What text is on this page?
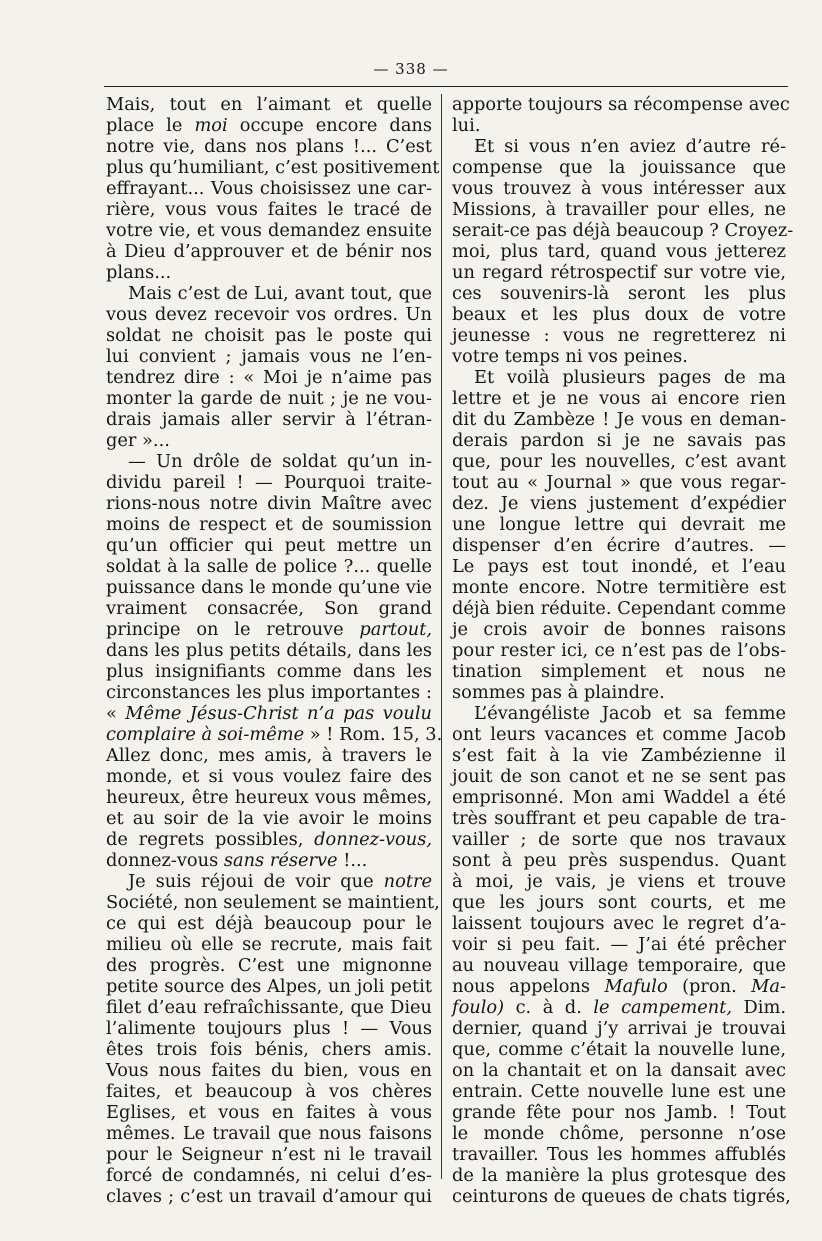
— 338 —
Mais, tout en l’aimant et quelle
place le moi occupe encore dans
notre vie, dans nos plans !... C’est
plus qu’humiliant, c’est positivement
effrayant... Vous choisissez une car-
rière, vous vous faites le tracé de
votre vie, et vous demandez ensuite
à Dieu d’approuver et de bénir nos
plans...
Mais c’est de Lui, avant tout, que
vous devez recevoir vos ordres. Un
soldat ne choisit pas le poste qui
lui convient ; jamais vous ne l’en-
tendrez dire : « Moi je n’aime pas
monter la garde de nuit ; je ne vou-
drais jamais aller servir à l’étran-
ger »...
— Un drôle de soldat qu’un in-
dividu pareil ! — Pourquoi traite-
rions-nous notre divin Maître avec
moins de respect et de soumission
qu’un officier qui peut mettre un
soldat à la salle de police ?... quelle
puissance dans le monde qu’une vie
vraiment consacrée, Son grand
principe on le retrouve partout,
dans les plus petits détails, dans les
plus insignifiants comme dans les
circonstances les plus importantes :
« Même Jésus-Christ n’a pas voulu
complaire à soi-même » ! Rom. 15, 3.
Allez donc, mes amis, à travers le
monde, et si vous voulez faire des
heureux, être heureux vous mêmes,
et au soir de la vie avoir le moins
de regrets possibles, donnez-vous,
donnez-vous sans réserve !...
Je suis réjoui de voir que notre
Société, non seulement se maintient,
ce qui est déjà beaucoup pour le
milieu où elle se recrute, mais fait
des progrès. C’est une mignonne
petite source des Alpes, un joli petit
filet d’eau refraîchissante, que Dieu
l’alimente toujours plus ! — Vous
êtes trois fois bénis, chers amis.
Vous nous faites du bien, vous en
faites, et beaucoup à vos chères
Eglises, et vous en faites à vous
mêmes. Le travail que nous faisons
pour le Seigneur n’est ni le travail
forcé de condamnés, ni celui d’es-
claves ; c’est un travail d’amour qui
apporte toujours sa récompense avec
lui.
Et si vous n’en aviez d’autre ré-
compense que la jouissance que
vous trouvez à vous intéresser aux
Missions, à travailler pour elles, ne
serait-ce pas déjà beaucoup ? Croyez-
moi, plus tard, quand vous jetterez
un regard rétrospectif sur votre vie,
ces souvenirs-là seront les plus
beaux et les plus doux de votre
jeunesse : vous ne regretterez ni
votre temps ni vos peines.
Et voilà plusieurs pages de ma
lettre et je ne vous ai encore rien
dit du Zambèze ! Je vous en deman-
derais pardon si je ne savais pas
que, pour les nouvelles, c’est avant
tout au « Journal » que vous regar-
dez. Je viens justement d’expédier
une longue lettre qui devrait me
dispenser d’en écrire d’autres. —
Le pays est tout inondé, et l’eau
monte encore. Notre termitière est
déjà bien réduite. Cependant comme
je crois avoir de bonnes raisons
pour rester ici, ce n’est pas de l’obs-
tination simplement et nous ne
sommes pas à plaindre.
L’évangéliste Jacob et sa femme
ont leurs vacances et comme Jacob
s’est fait à la vie Zambézienne il
jouit de son canot et ne se sent pas
emprisonné. Mon ami Waddel a été
très souffrant et peu capable de tra-
vailler ; de sorte que nos travaux
sont à peu près suspendus. Quant
à moi, je vais, je viens et trouve
que les jours sont courts, et me
laissent toujours avec le regret d’a-
voir si peu fait. — J’ai été prêcher
au nouveau village temporaire, que
nous appelons Mafulo (pron. Ma-
foulo) c. à d. le campement, Dim.
dernier, quand j’y arrivai je trouvai
que, comme c’était la nouvelle lune,
on la chantait et on la dansait avec
entrain. Cette nouvelle lune est une
grande fête pour nos Jamb. ! Tout
le monde chôme, personne n’ose
travailler. Tous les hommes affublés
de la manière la plus grotesque des
ceinturons de queues de chats tigrés,
